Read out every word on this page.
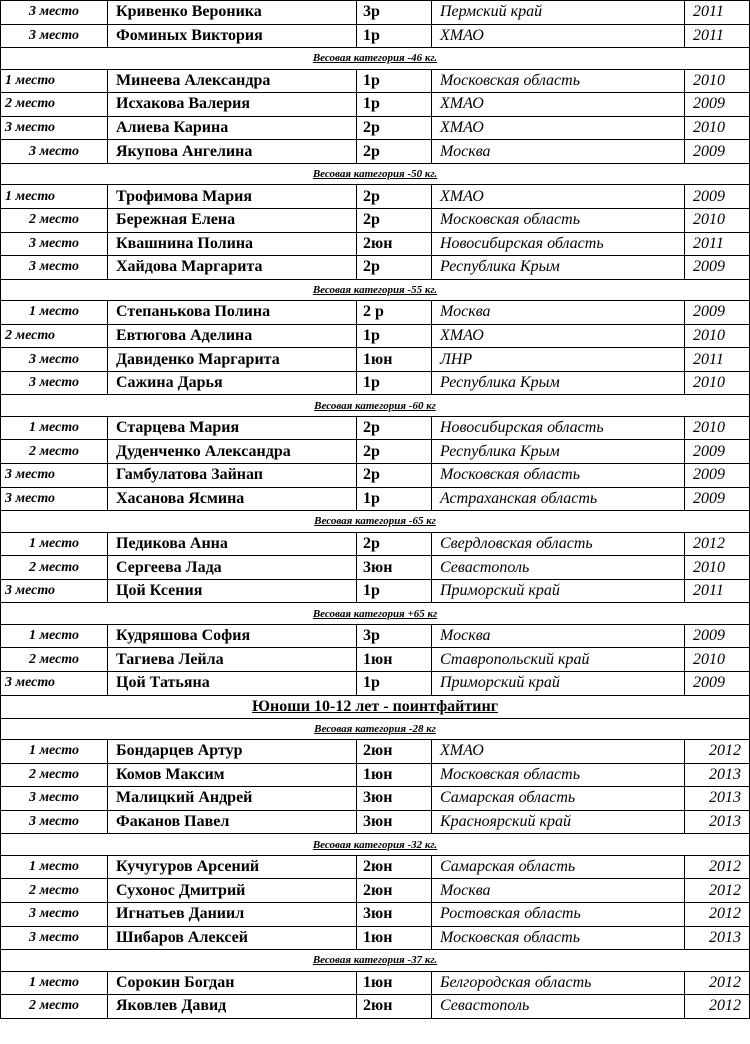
3 место	Кривенко Вероника	3р	Пермский край	2011
3 место	Фоминых Виктория	1р	ХМАО	2011
Весовая категория -46 кг.				
1 место	Минеева Александра	1р	Московская область	2010
2 место	Исхакова Валерия	1р	ХМАО	2009
3 место	Алиева Карина	2р	ХМАО	2010
3 место	Якупова Ангелина	2р	Москва	2009
Весовая категория -50 кг.				
1 место	Трофимова Мария	2р	ХМАО	2009
2 место	Бережная Елена	2р	Московская область	2010
3 место	Квашнина Полина	2юн	Новосибирская область	2011
3 место	Хайдова Маргарита	2р	Республика Крым	2009
Весовая категория -55 кг.				
1 место	Степанькова Полина	2 р	Москва	2009
2 место	Евтюгова Аделина	1р	ХМАО	2010
3 место	Давиденко Маргарита	1юн	ЛНР	2011
3 место	Сажина Дарья	1р	Республика Крым	2010
Весовая категория -60 кг				
1 место	Старцева Мария	2р	Новосибирская область	2010
2 место	Дуденченко Александра	2р	Республика Крым	2009
3 место	Гамбулатова Зайнап	2р	Московская область	2009
3 место	Хасанова Ясмина	1р	Астраханская область	2009
Весовая категория -65 кг				
1 место	Педикова Анна	2р	Свердловская область	2012
2 место	Сергеева Лада	3юн	Севастополь	2010
3 место	Цой Ксения	1р	Приморский край	2011
Весовая категория +65 кг				
1 место	Кудряшова София	3р	Москва	2009
2 место	Тагиева Лейла	1юн	Ставропольский край	2010
3 место	Цой Татьяна	1р	Приморский край	2009
Юноши 10-12 лет - поинтфайтинг				
Весовая категория -28 кг				
1 место	Бондарцев Артур	2юн	ХМАО	2012
2 место	Комов Максим	1юн	Московская область	2013
3 место	Малицкий Андрей	3юн	Самарская область	2013
3 место	Факанов Павел	3юн	Красноярский край	2013
Весовая категория -32 кг.				
1 место	Кучугуров Арсений	2юн	Самарская область	2012
2 место	Сухонос Дмитрий	2юн	Москва	2012
3 место	Игнатьев Даниил	3юн	Ростовская область	2012
3 место	Шибаров Алексей	1юн	Московская область	2013
Весовая категория -37 кг.				
1 место	Сорокин Богдан	1юн	Белгородская область	2012
2 место	Яковлев Давид	2юн	Севастополь	2012
